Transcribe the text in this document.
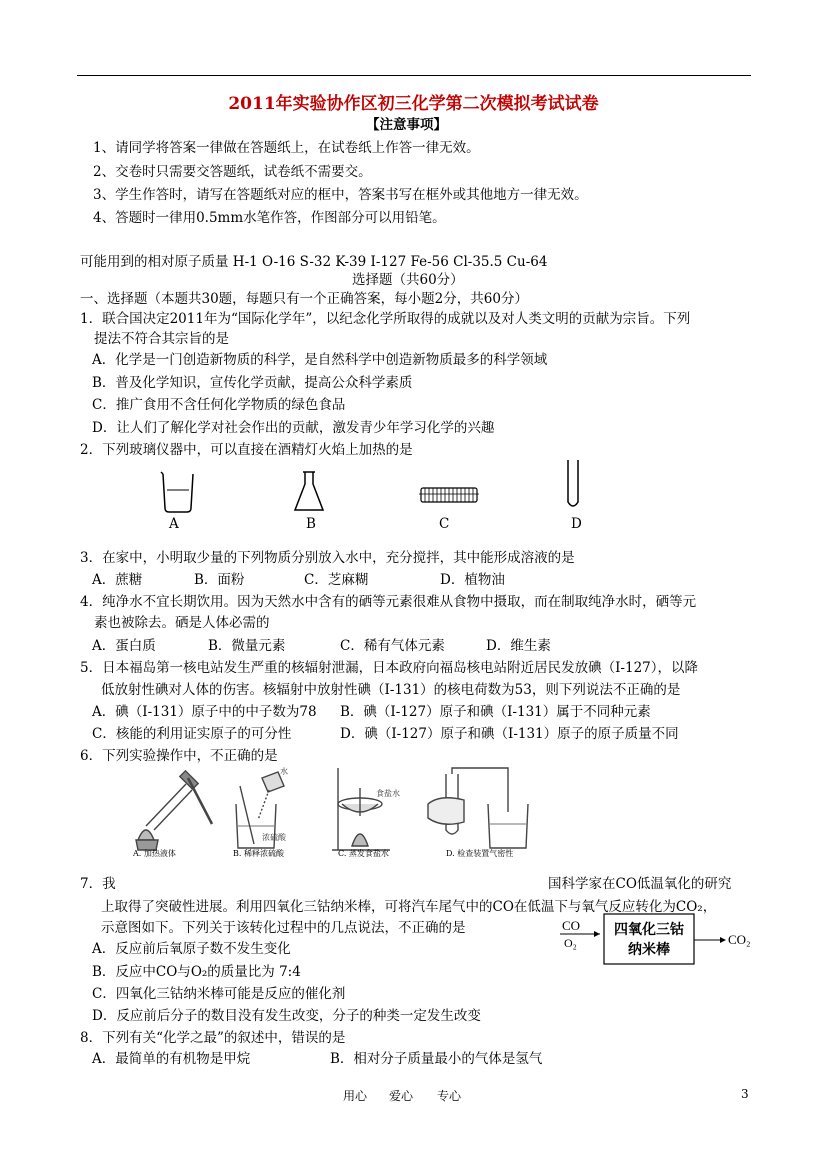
2011年实验协作区初三化学第二次模拟考试试卷
【注意事项】
1、请同学将答案一律做在答题纸上，在试卷纸上作答一律无效。
2、交卷时只需要交答题纸，试卷纸不需要交。
3、学生作答时，请写在答题纸对应的框中，答案书写在框外或其他地方一律无效。
4、答题时一律用0.5mm水笔作答，作图部分可以用铅笔。
可能用到的相对原子质量 H-1 O-16 S-32 K-39 I-127 Fe-56 Cl-35.5 Cu-64
选择题（共60分）
一、选择题（本题共30题，每题只有一个正确答案，每小题2分，共60分）
1．联合国决定2011年为“国际化学年”，以纪念化学所取得的成就以及对人类文明的贡献为宗旨。下列
提法不符合其宗旨的是
A．化学是一门创造新物质的科学，是自然科学中创造新物质最多的科学领域
B．普及化学知识，宣传化学贡献，提高公众科学素质
C．推广食用不含任何化学物质的绿色食品
D．让人们了解化学对社会作出的贡献，激发青少年学习化学的兴趣
2．下列玻璃仪器中，可以直接在酒精灯火焰上加热的是
A	B	C	D
3．在家中，小明取少量的下列物质分别放入水中，充分搅拌，其中能形成溶液的是
A．蔗糖	B．面粉	C．芝麻糊	D．植物油
4．纯净水不宜长期饮用。因为天然水中含有的硒等元素很难从食物中摄取，而在制取纯净水时，硒等元
素也被除去。硒是人体必需的
A．蛋白质	B．微量元素	C．稀有气体元素	D．维生素
5．日本福岛第一核电站发生严重的核辐射泄漏，日本政府向福岛核电站附近居民发放碘（I-127），以降
低放射性碘对人体的伤害。核辐射中放射性碘（I-131）的核电荷数为53，则下列说法不正确的是
A．碘（I-131）原子中的中子数为78 B．碘（I-127）原子和碘（I-131）属于不同种元素
C．核能的利用证实原子的可分性	D．碘（I-127）原子和碘（I-131）原子的原子质量不同
6．下列实验操作中，不正确的是
水
浓硫酸
食盐水
A. 加热液体	B. 稀释浓硫酸	C. 蒸发食盐水	D. 检查装置气密性
7．我	国科学家在CO低温氧化的研究
上取得了突破性进展。利用四氧化三钴纳米棒，可将汽车尾气中的CO在低温下与氧气反应转化为CO₂，
示意图如下。下列关于该转化过程中的几点说法，不正确的是	CO
O₂
四氧化三钴
纳米棒
CO₂
A．反应前后氧原子数不发生变化
B．反应中CO与O₂的质量比为 7:4
C．四氧化三钴纳米棒可能是反应的催化剂
D．反应前后分子的数目没有发生改变，分子的种类一定发生改变
8．下列有关“化学之最”的叙述中，错误的是
A．最简单的有机物是甲烷	B．相对分子质量最小的气体是氢气
用心 爱心 专心	3
